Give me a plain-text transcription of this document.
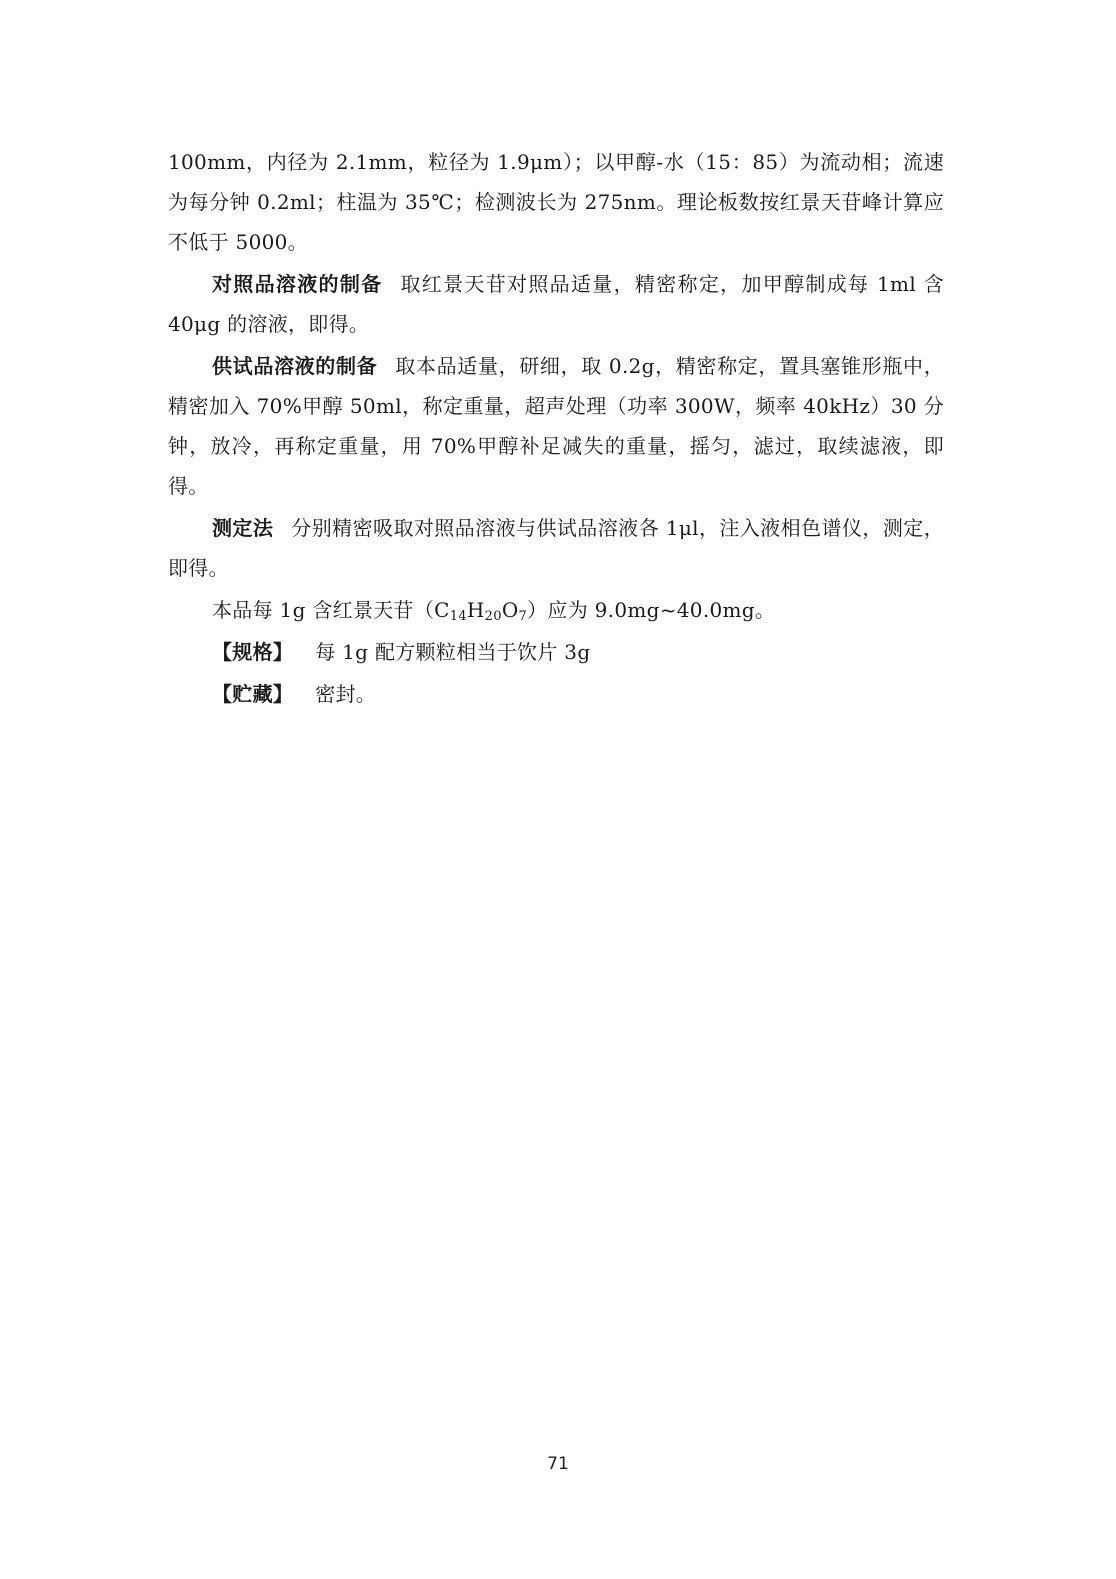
100mm，内径为 2.1mm，粒径为 1.9μm）；以甲醇-水（15：85）为流动相；流速为每分钟 0.2ml；柱温为 35℃；检测波长为 275nm。理论板数按红景天苷峰计算应不低于 5000。

对照品溶液的制备 取红景天苷对照品适量，精密称定，加甲醇制成每 1ml 含 40μg 的溶液，即得。

供试品溶液的制备 取本品适量，研细，取 0.2g，精密称定，置具塞锥形瓶中，精密加入 70%甲醇 50ml，称定重量，超声处理（功率 300W，频率 40kHz）30 分钟，放冷，再称定重量，用 70%甲醇补足减失的重量，摇匀，滤过，取续滤液，即得。

测定法 分别精密吸取对照品溶液与供试品溶液各 1μl，注入液相色谱仪，测定，即得。

本品每 1g 含红景天苷$(C_{14}H_{20}O_7)$应为 9.0mg~40.0mg。

【规格】 每 1g 配方颗粒相当于饮片 3g

【贮藏】 密封。

71
